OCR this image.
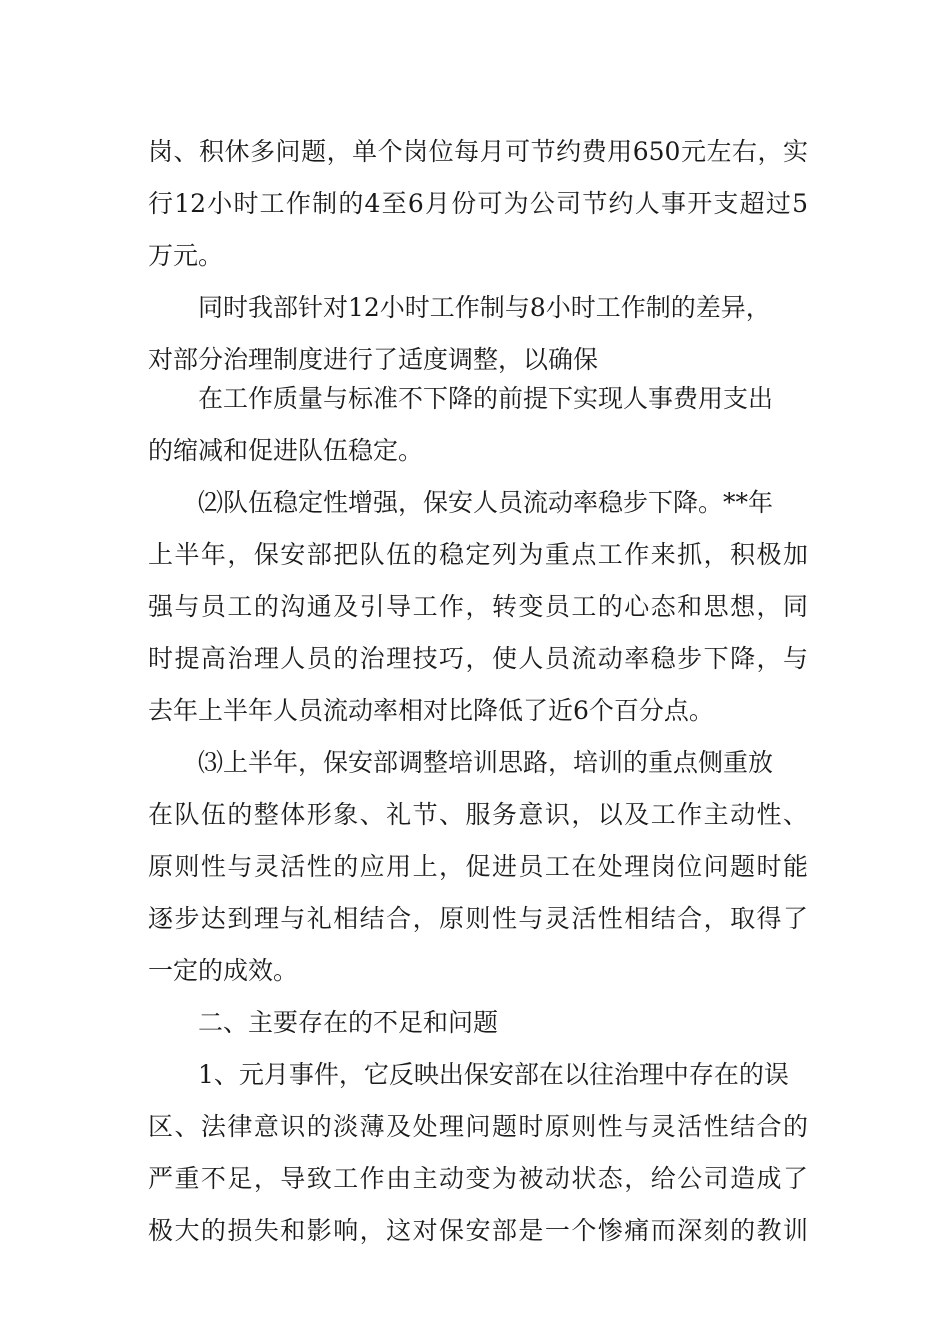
岗、积休多问题，单个岗位每月可节约费用650元左右，实
行12小时工作制的4至6月份可为公司节约人事开支超过5
万元。
同时我部针对12小时工作制与8小时工作制的差异，
对部分治理制度进行了适度调整，以确保
在工作质量与标准不下降的前提下实现人事费用支出
的缩减和促进队伍稳定。
⑵队伍稳定性增强，保安人员流动率稳步下降。**年
上半年，保安部把队伍的稳定列为重点工作来抓，积极加
强与员工的沟通及引导工作，转变员工的心态和思想，同
时提高治理人员的治理技巧，使人员流动率稳步下降，与
去年上半年人员流动率相对比降低了近6个百分点。
⑶上半年，保安部调整培训思路，培训的重点侧重放
在队伍的整体形象、礼节、服务意识，以及工作主动性、
原则性与灵活性的应用上，促进员工在处理岗位问题时能
逐步达到理与礼相结合，原则性与灵活性相结合，取得了
一定的成效。
二、主要存在的不足和问题
1、元月事件，它反映出保安部在以往治理中存在的误
区、法律意识的淡薄及处理问题时原则性与灵活性结合的
严重不足，导致工作由主动变为被动状态，给公司造成了
极大的损失和影响，这对保安部是一个惨痛而深刻的教训
